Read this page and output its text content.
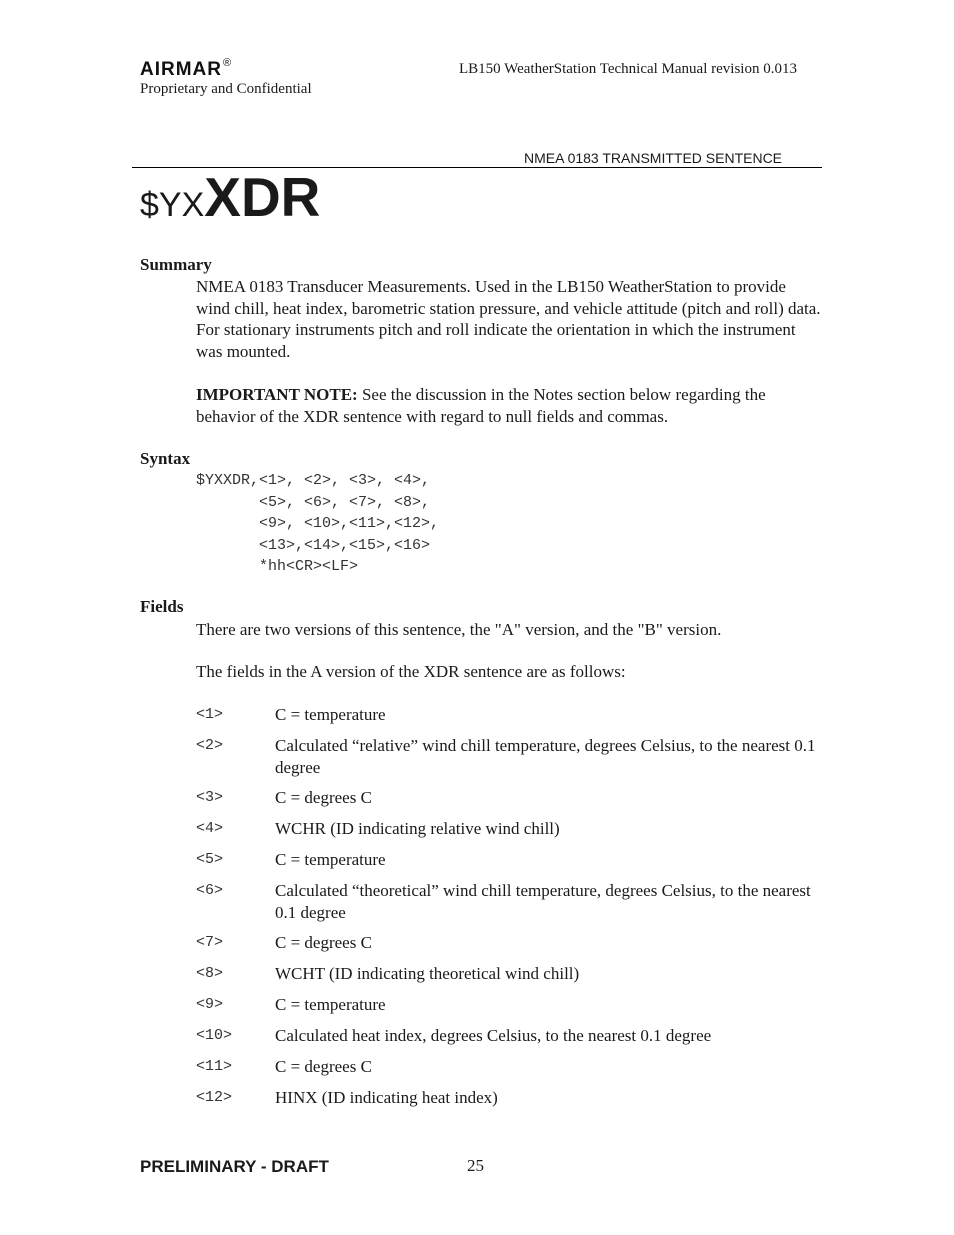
AIRMAR®
Proprietary and Confidential
LB150 WeatherStation Technical Manual revision 0.013
NMEA 0183 TRANSMITTED SENTENCE
$YXXDR
Summary
NMEA 0183 Transducer Measurements. Used in the LB150 WeatherStation to provide wind chill, heat index, barometric station pressure, and vehicle attitude (pitch and roll) data. For stationary instruments pitch and roll indicate the orientation in which the instrument was mounted.
IMPORTANT NOTE: See the discussion in the Notes section below regarding the behavior of the XDR sentence with regard to null fields and commas.
Syntax
$YXXDR,<1>, <2>, <3>, <4>,
<5>, <6>, <7>, <8>,
<9>, <10>,<11>,<12>,
<13>,<14>,<15>,<16>
*hh<CR><LF>
Fields
There are two versions of this sentence, the "A" version, and the "B" version.
The fields in the A version of the XDR sentence are as follows:
<1>	C = temperature
<2>	Calculated “relative” wind chill temperature, degrees Celsius, to the nearest 0.1 degree
<3>	C = degrees C
<4>	WCHR (ID indicating relative wind chill)
<5>	C = temperature
<6>	Calculated “theoretical” wind chill temperature, degrees Celsius, to the nearest 0.1 degree
<7>	C = degrees C
<8>	WCHT (ID indicating theoretical wind chill)
<9>	C = temperature
<10>	Calculated heat index, degrees Celsius, to the nearest 0.1 degree
<11>	C = degrees C
<12>	HINX (ID indicating heat index)
PRELIMINARY - DRAFT	25
